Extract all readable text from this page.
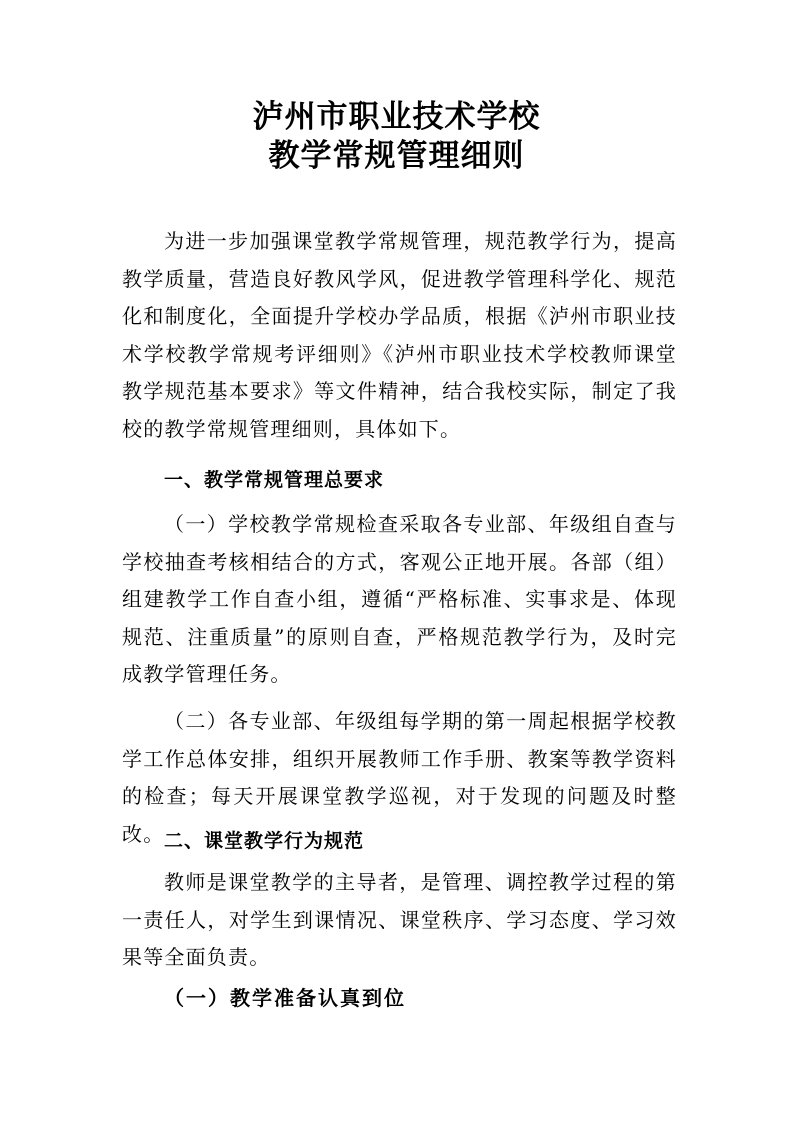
泸州市职业技术学校
教学常规管理细则

为进一步加强课堂教学常规管理，规范教学行为，提高教学质量，营造良好教风学风，促进教学管理科学化、规范化和制度化，全面提升学校办学品质，根据《泸州市职业技术学校教学常规考评细则》《泸州市职业技术学校教师课堂教学规范基本要求》等文件精神，结合我校实际，制定了我校的教学常规管理细则，具体如下。

一、教学常规管理总要求

（一）学校教学常规检查采取各专业部、年级组自查与学校抽查考核相结合的方式，客观公正地开展。各部（组）组建教学工作自查小组，遵循“严格标准、实事求是、体现规范、注重质量”的原则自查，严格规范教学行为，及时完成教学管理任务。

（二）各专业部、年级组每学期的第一周起根据学校教学工作总体安排，组织开展教师工作手册、教案等教学资料的检查；每天开展课堂教学巡视，对于发现的问题及时整改。 二、课堂教学行为规范

教师是课堂教学的主导者，是管理、调控教学过程的第一责任人，对学生到课情况、课堂秩序、学习态度、学习效果等全面负责。

（一）教学准备认真到位
